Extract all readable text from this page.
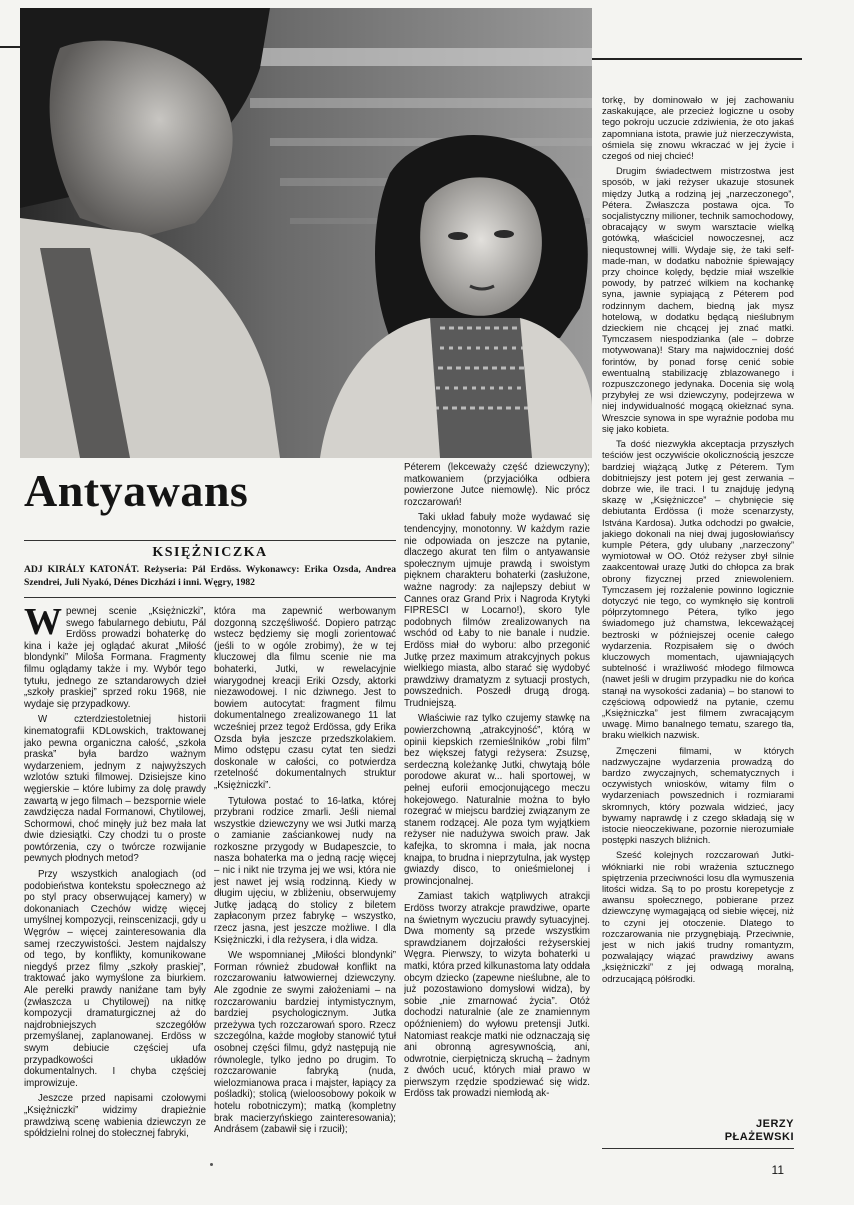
Antyawans
KSIĘŻNICZKA
ADJ KIRÁLY KATONÁT. Reżyseria: Pál Erdöss. Wykonawcy: Erika Ozsda, Andrea Szendrei, Juli Nyakó, Dénes Diczházi i inni. Węgry, 1982

Wpewnej scenie „Księżniczki”, swego fabularnego debiutu, Pál Erdöss prowadzi bohaterkę do kina i każe jej oglądać akurat „Miłość blondynki” Miloša Formana. Fragmenty filmu oglądamy także i my. Wybór tego tytułu, jednego ze sztandarowych dzieł „szkoły praskiej” sprzed roku 1968, nie wydaje się przypadkowy.

W czterdziestoletniej historii kinematografii KDLowskich, traktowanej jako pewna organiczna całość, „szkoła praska” była bardzo ważnym wydarzeniem, jednym z najwyższych wzlotów sztuki filmowej. Dzisiejsze kino węgierskie – które lubimy za dolę prawdy zawartą w jego filmach – bezspornie wiele zawdzięcza nadal Formanowi, Chytilowej, Schormowi, choć minęły już bez mała lat dwie dziesiątki. Czy chodzi tu o proste powtórzenia, czy o twórcze rozwijanie pewnych płodnych metod?

Przy wszystkich analogiach (od podobieństwa kontekstu społecznego aż po styl pracy obserwującej kamery) w dokonaniach Czechów widzę więcej umyślnej kompozycji, reinscenizacji, gdy u Węgrów – więcej zainteresowania dla samej rzeczywistości. Jestem najdalszy od tego, by konflikty, komunikowane niegdyś przez filmy „szkoły praskiej”, traktować jako wymyślone za biurkiem. Ale perełki prawdy naniźane tam były (zwłaszcza u Chytilowej) na nitkę kompozycji dramaturgicznej aż do najdrobniejszych szczegółów przemyślanej, zaplanowanej. Erdöss w swym debiucie częściej ufa przypadkowości układów dokumentalnych. I chyba częściej improwizuje.

Jeszcze przed napisami czołowymi „Księżniczki” widzimy drapieżnie prawdziwą scenę wabienia dziewczyn ze spółdzielni rolnej do stołecznej fabryki,

która ma zapewnić werbowanym dozgonną szczęśliwość. Dopiero patrząc wstecz będziemy się mogli zorientować (jeśli to w ogóle zrobimy), że w tej kluczowej dla filmu scenie nie ma bohaterki, Jutki, w rewelacyjnie wiarygodnej kreacji Eriki Ozsdy, aktorki niezawodowej. I nic dziwnego. Jest to bowiem autocytat: fragment filmu dokumentalnego zrealizowanego 11 lat wcześniej przez tegoż Erdössa, gdy Erika Ozsda była jeszcze przedszkolakiem. Mimo odstępu czasu cytat ten siedzi doskonale w całości, co potwierdza rzetelność dokumentalnych struktur „Księżniczki”.

Tytułowa postać to 16-latka, której przybrani rodzice zmarli. Jeśli niemal wszystkie dziewczyny we wsi Jutki marzą o zamianie zaściankowej nudy na rozkoszne przygody w Budapeszcie, to nasza bohaterka ma o jedną rację więcej – nic i nikt nie trzyma jej we wsi, która nie jest nawet jej wsią rodzinną. Kiedy w długim ujęciu, w zbliżeniu, obserwujemy Jutkę jadącą do stolicy z biletem zapłaconym przez fabrykę – wszystko, rzecz jasna, jest jeszcze możliwe. I dla Księżniczki, i dla reżysera, i dla widza.

We wspomnianej „Miłości blondynki” Forman również zbudował konflikt na rozczarowaniu łatwowiernej dziewczyny. Ale zgodnie ze swymi założeniami – na rozczarowaniu bardziej intymistycznym, bardziej psychologicznym. Jutka przeżywa tych rozczarowań sporo. Rzecz szczególna, każde mogłoby stanowić tytuł osobnej części filmu, gdyż następują nie równolegle, tylko jedno po drugim. To rozczarowanie fabryką (nuda, wielozmianowa praca i majster, łapiący za pośladki); stolicą (wieloosobowy pokoik w hotelu robotniczym); matką (kompletny brak macierzyńskiego zainteresowania); Andrásem (zabawił się i rzucił);

Péterem (lekceważy część dziewczyny); matkowaniem (przyjaciółka odbiera powierzone Jutce niemowlę). Nic prócz rozczarowań!

Taki układ fabuły może wydawać się tendencyjny, monotonny. W każdym razie nie odpowiada on jeszcze na pytanie, dlaczego akurat ten film o antyawansie społecznym ujmuje prawdą i swoistym pięknem charakteru bohaterki (zasłużone, ważne nagrody: za najlepszy debiut w Cannes oraz Grand Prix i Nagroda Krytyki FIPRESCI w Locarno!), skoro tyle podobnych filmów zrealizowanych na wschód od Łaby to nie banale i nudzie. Erdöss miał do wyboru: albo przegonić Jutkę przez maximum atrakcyjnych pokus wielkiego miasta, albo starać się wydobyć prawdziwy dramatyzm z sytuacji prostych, powszednich. Poszedł drugą drogą. Trudniejszą.

Właściwie raz tylko czujemy stawkę na powierzchowną „atrakcyjność”, którą w opinii kiepskich rzemieślników „robi film” bez większej fatygi reżysera: Zsuzsę, serdeczną koleżankę Jutki, chwytają bóle porodowe akurat w... hali sportowej, w pełnej euforii emocjonującego meczu hokejowego. Naturalnie można to było rozegrać w miejscu bardziej związanym ze stanem rodzącej. Ale poza tym wyjątkiem reżyser nie nadużywa swoich praw. Jak kafejka, to skromna i mała, jak nocna knajpa, to brudna i nieprzytulna, jak występ gwiazdy disco, to onieśmielonej i prowincjonalnej.

Zamiast takich wątpliwych atrakcji Erdöss tworzy atrakcje prawdziwe, oparte na świetnym wyczuciu prawdy sytuacyjnej. Dwa momenty są przede wszystkim sprawdzianem dojrzałości reżyserskiej Węgra. Pierwszy, to wizyta bohaterki u matki, która przed kilkunastoma laty oddała obcym dziecko (zapewne nieślubne, ale to już pozostawiono domysłowi widza), by sobie „nie zmarnować życia”. Otóż dochodzi naturalnie (ale ze znamiennym opóźnieniem) do wyłowu pretensji Jutki. Natomiast reakcje matki nie odznaczają się ani obronną agresywnością, ani, odwrotnie, cierpiętniczą skruchą – żadnym z dwóch ucuć, których miał prawo w pierwszym rzędzie spodziewać się widz. Erdöss tak prowadzi niemłodą ak-

torkę, by dominowało w jej zachowaniu zaskakujące, ale przecież logiczne u osoby tego pokroju uczucie zdziwienia, że oto jakaś zapomniana istota, prawie już nierzeczywista, ośmiela się znowu wkraczać w jej życie i czegoś od niej chcieć!

Drugim świadectwem mistrzostwa jest sposób, w jaki reżyser ukazuje stosunek między Jutką a rodziną jej „narzeczonego”, Pétera. Zwłaszcza postawa ojca. To socjalistyczny milioner, technik samochodowy, obracający w swym warsztacie wielką gotówką, właściciel nowoczesnej, acz niequstownej willi. Wydaje się, że taki self-made-man, w dodatku nabożnie śpiewający przy choince kolędy, będzie miał wszelkie powody, by patrzeć wilkiem na kochankę syna, jawnie sypiającą z Péterem pod rodzinnym dachem, biedną jak mysz hotelową, w dodatku będącą nieślubnym dzieckiem nie chcącej jej znać matki. Tymczasem niespodzianka (ale – dobrze motywowana)! Stary ma najwidoczniej dość forintów, by ponad forsę cenić sobie ewentualną stabilizację zblazowanego i rozpuszczonego jedynaka. Docenia się wolą przybyłej ze wsi dziewczyny, podejrzewa w niej indywidualność mogącą okiełznać syna. Wreszcie synowa in spe wyraźnie podoba mu się jako kobieta.

Ta dość niezwykła akceptacja przyszłych teściów jest oczywiście okolicznością jeszcze bardziej wiążącą Jutkę z Péterem. Tym dobitniejszy jest potem jej gest zerwania – dobrze wie, ile traci. I tu znajduję jedyną skazę w „Księżniczce” – chybnięcie się debiutanta Erdössa (i może scenarzysty, Istvána Kardosa). Jutka odchodzi po gwałcie, jakiego dokonali na niej dwaj jugosłowiańscy kumple Pétera, gdy ulubany „narzeczony” wymiotował w OO. Otóż reżyser zbył silnie zaakcentował urazę Jutki do chłopca za brak obrony fizycznej przed zniewoleniem. Tymczasem jej rozżalenie powinno logicznie dotyczyć nie tego, co wymknęło się kontroli półprzytomnego Pétera, tylko jego świadomego już chamstwa, lekceważącej beztroski w późniejszej ocenie całego wydarzenia. Rozpisałem się o dwóch kluczowych momentach, ujawniających subtelność i wrażliwość młodego filmowca (nawet jeśli w drugim przypadku nie do końca stanął na wysokości zadania) – bo stanowi to częściową odpowiedź na pytanie, czemu „Księżniczka” jest filmem zwracającym uwagę. Mimo banalnego tematu, szarego tła, braku wielkich nazwisk.

Zmęczeni filmami, w których nadzwyczajne wydarzenia prowadzą do bardzo zwyczajnych, schematycznych i oczywistych wniosków, witamy film o wydarzeniach powszednich i rozmiarami skromnych, który pozwala widzieć, jacy bywamy naprawdę i z czego składają się w istocie nieoczekiwane, pozornie nierozumiałe postępki naszych bliźnich.

Sześć kolejnych rozczarowań Jutki-włókniarki nie robi wrażenia sztucznego spiętrzenia przeciwności losu dla wymuszenia litości widza. Są to po prostu korepetycje z awansu społecznego, pobierane przez dziewczynę wymagającą od siebie więcej, niż to czyni jej otoczenie. Dlatego to rozczarowania nie przygnębiają. Przeciwnie, jest w nich jakiś trudny romantyzm, pozwalający wiązać prawdziwy awans „księżniczki” z jej odwagą moralną, odrzucającą półśrodki.

JERZY
PŁAŻEWSKI
11
